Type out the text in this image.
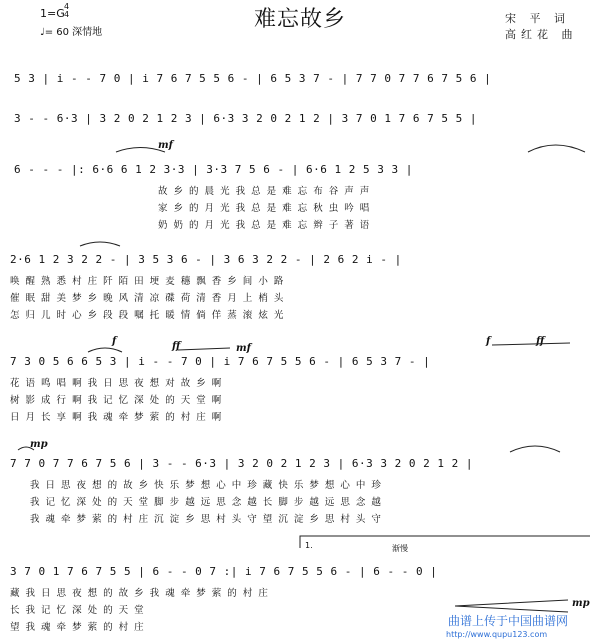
难忘故乡
1=G
4
4
♩= 60 深情地
宋 平 词
高红花 曲
5 3 | i - - 7 0 | i 7 6 7 5 5 6 - | 6 5 3 7 - | 7 7 0 7 7 6 7 5 6 |
3 - - 6·3 | 3 2 0 2 1 2 3 | 6·3 3 2 0 2 1 2 | 3 7 0 1 7 6 7 5 5 |
mf
6 - - - |: 6·6 6 1 2 3·3 | 3·3 7 5 6 - | 6·6 1 2 5 3 3 |
故 乡 的 晨 光 我 总 是 难 忘 布 谷 声 声
家 乡 的 月 光 我 总 是 难 忘 秋 虫 吟 唱
奶 奶 的 月 光 我 总 是 难 忘 辫 子 著 语
2·6 1 2 3 2 2 - | 3 5 3 6 - | 3 6 3 2 2 - | 2 6 2 i - |
唤 醒 熟 悉 村 庄 阡 陌 田 埂 麦 穗 飘 香 乡 间 小 路
催 眠 甜 美 梦 乡 晚 风 清 凉 碟 荷 清 香 月 上 梢 头
怎 归 儿 时 心 乡 段 段 嘱 托 暖 情 倘 佯 蒸 滚 炫 光
f	ff	mf
f	ff
7 3 0 5 6 6 5 3 | i - - 7 0 | i 7 6 7 5 5 6 - | 6 5 3 7 - |
花 语 鸣 唱 啊 我 日 思 夜 想 对 故 乡 啊
树 影 成 行 啊 我 记 忆 深 处 的 天 堂 啊
日 月 长 享 啊 我 魂 牵 梦 萦 的 村 庄 啊
mp
7 7 0 7 7 6 7 5 6 | 3 - - 6·3 | 3 2 0 2 1 2 3 | 6·3 3 2 0 2 1 2 |
我 日 思 夜 想 的 故 乡 快 乐 梦 想 心 中 珍 藏 快 乐 梦 想 心 中 珍
我 记 忆 深 处 的 天 堂 脚 步 越 远 思 念 越 长 脚 步 越 远 思 念 越
我 魂 牵 梦 萦 的 村 庄 沉 淀 乡 思 村 头 守 望 沉 淀 乡 思 村 头 守
1.	渐慢
3 7 0 1 7 6 7 5 5 | 6 - - 0 7 :| i 7 6 7 5 5 6 - | 6 - - 0 |
藏 我 日 思 夜 想 的 故 乡 我 魂 牵 梦 萦 的 村 庄
长 我 记 忆 深 处 的 天 堂
望 我 魂 牵 梦 萦 的 村 庄
mp
曲谱上传于中国曲谱网
http://www.qupu123.com
